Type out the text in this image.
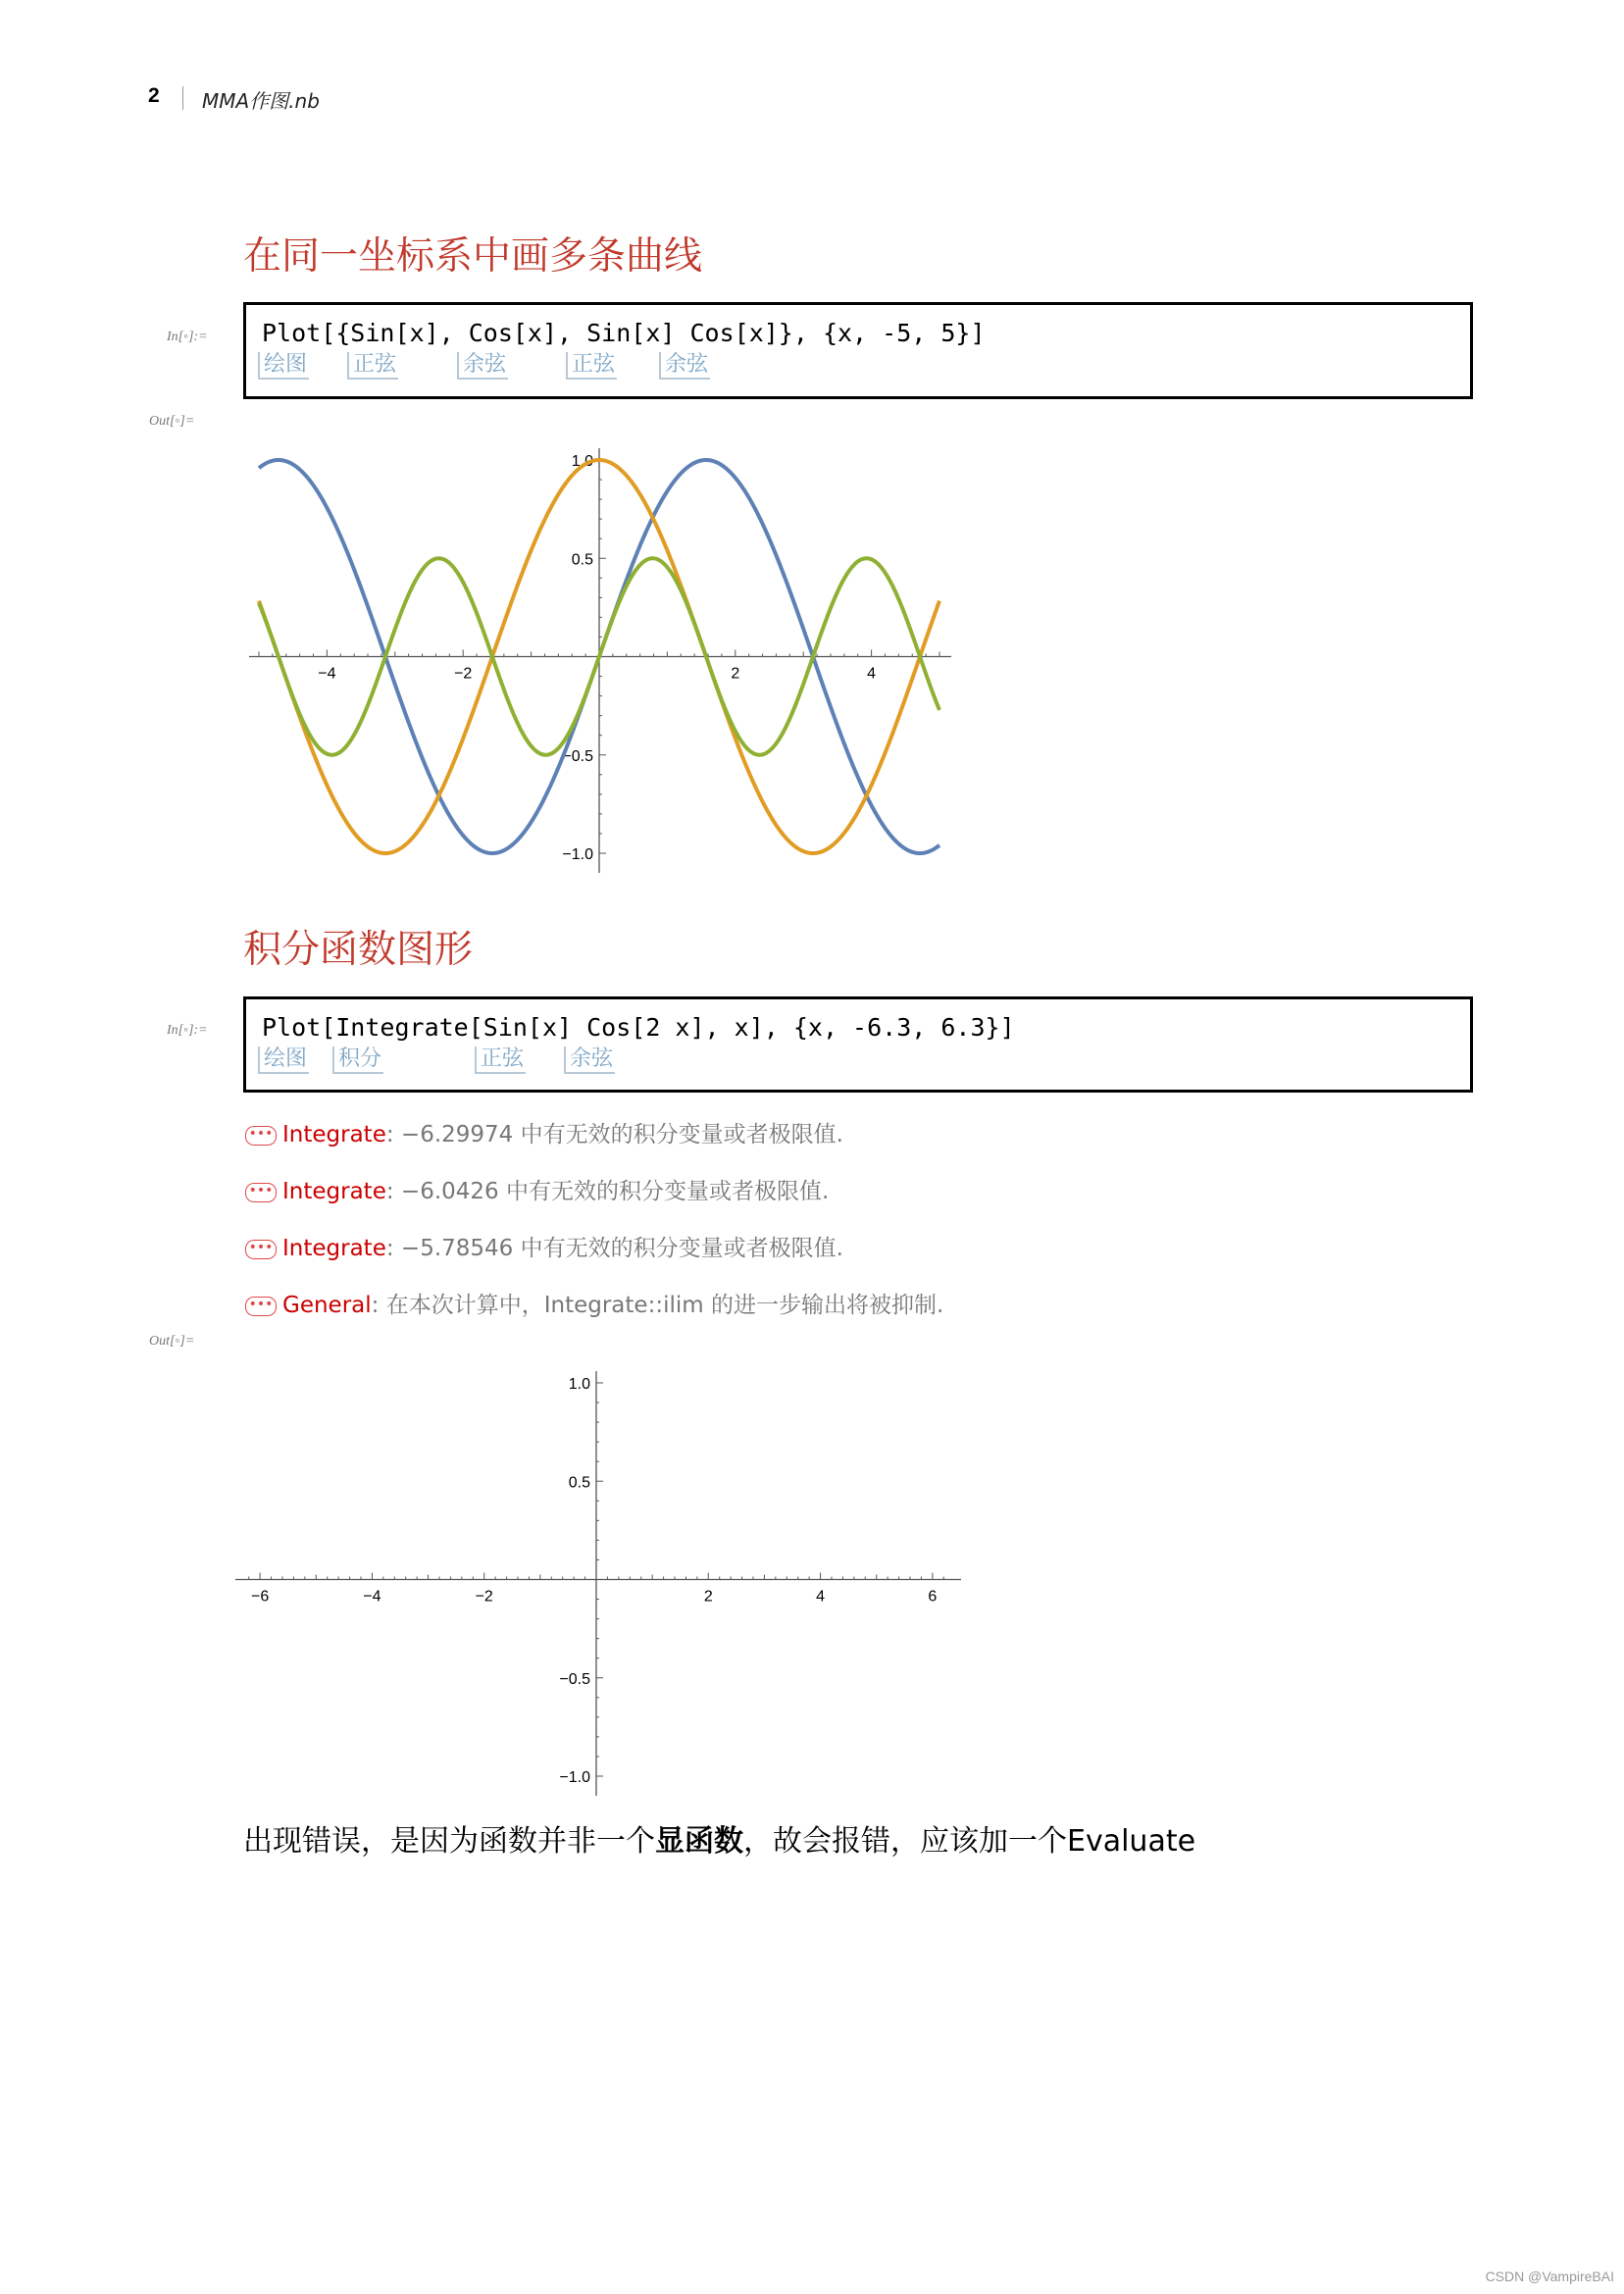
2 MMA作图.nb
在同一坐标系中画多条曲线
In[◦]:= Plot[{Sin[x], Cos[x], Sin[x] Cos[x]}, {x, -5, 5}]
绘图 正弦	余弦	正弦 余弦
Out[◦]=
−4	−2	2	4
1.0
0.5
−0.5
−1.0
积分函数图形
In[◦]:= Plot[Integrate[Sin[x] Cos[2 x], x], {x, -6.3, 6.3}]
绘图 积分	正弦 余弦
••• Integrate: −6.29974 中有无效的积分变量或者极限值.
••• Integrate: −6.0426 中有无效的积分变量或者极限值.
••• Integrate: −5.78546 中有无效的积分变量或者极限值.
••• General: 在本次计算中，Integrate::ilim 的进一步输出将被抑制.
Out[◦]=
−6	−4	−2	2	4	6
1.0
0.5
−0.5
−1.0
出现错误，是因为函数并非一个显函数，故会报错，应该加一个Evaluate
CSDN @VampireBAI
